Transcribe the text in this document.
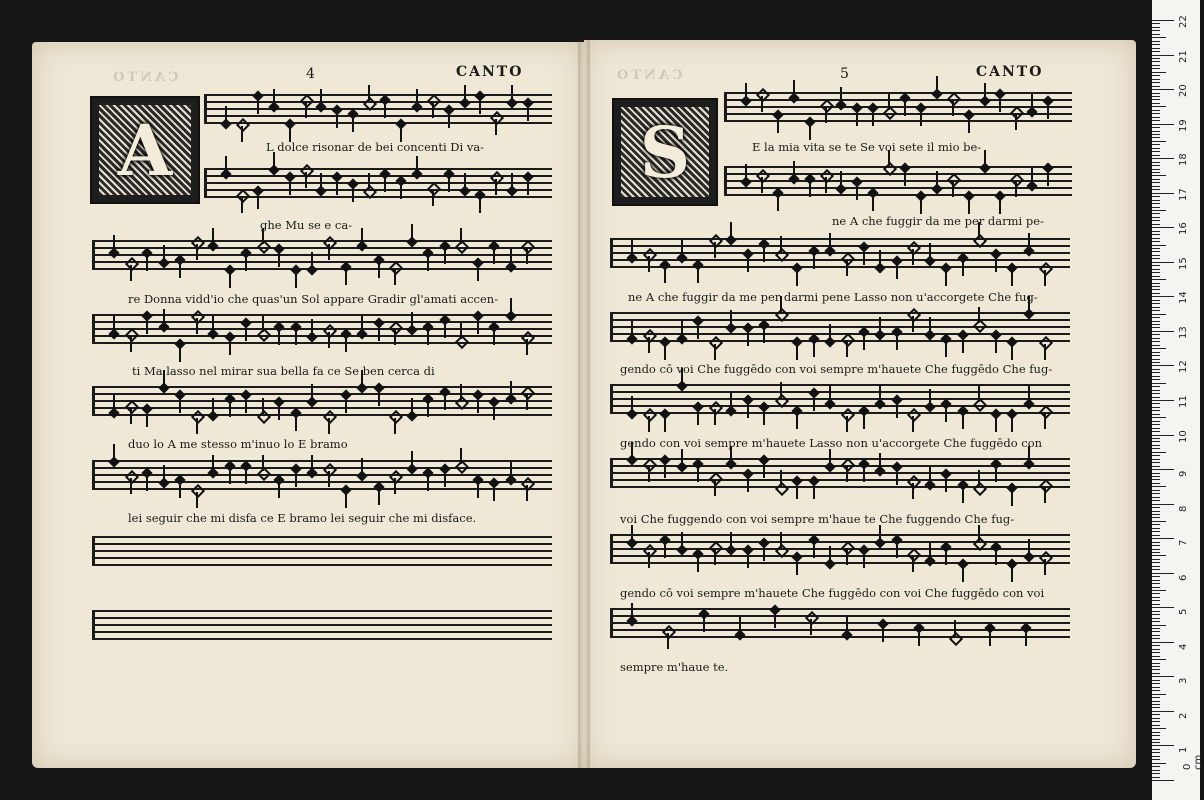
CANTO	4	CANTO
A	L dolce risonar de bei concenti Di va-
ghe Mu se e ca-
re Donna vidd'io che quas'un Sol appare Gradir gl'amati accen-
ti Ma lasso nel mirar sua bella fa ce Se ben cerca di
duo lo A me stesso m'inuo lo E bramo
lei seguir che mi disfa ce E bramo lei seguir che mi disface.
CANTO	5	CANTO
S	E la mia vita se te Se voi sete il mio be-
ne A che fuggir da me per darmi pe-
ne A che fuggir da me per darmi pene Lasso non u'accorgete Che fug-
gendo cō voi Che fuggēdo con voi sempre m'hauete Che fuggēdo Che fug-
gendo con voi sempre m'hauete Lasso non u'accorgete Che fuggēdo con
voi Che fuggendo con voi sempre m'haue te Che fuggendo Che fug-
gendo cō voi sempre m'hauete Che fuggēdo con voi Che fuggēdo con voi
sempre m'haue te.
0 cm
1
2
3
4
5
6
7
8
9
10
11
12
13
14
15
16
17
18
19
20
21
22
